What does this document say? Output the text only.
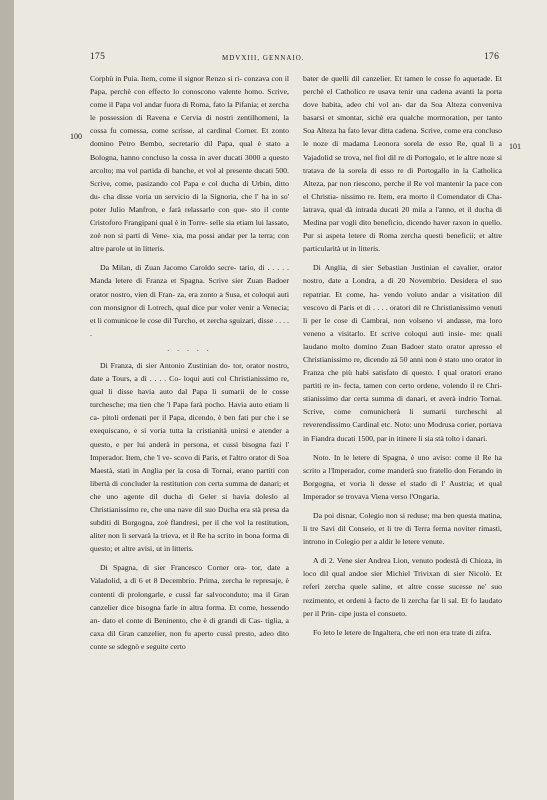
175	MDVXIII, GENNAIO.	176
100
101

Corphù in Puia. Item, come il signor Renzo si ri- conzava con il Papa, perchè con effecto lo conoscono valente homo. Scrive, come il Papa vol andar fuora di Roma, fato la Pifania; et zercha le possession di Ravena e Cervia di nostri zentilhomeni, la cossa fu comessa, come scrisse, al cardinal Corner. Et zonto domino Petro Bembo, secretario dil Papa, qual è stato a Bologna, hanno concluso la cossa in aver ducati 3000 a questo arcolto; ma vol partida di banche, et vol al presente ducati 500. Scrive, come, pasizando col Papa e col ducha di Urbin, ditto du- cha disse voria un servicio di la Signoria, che l' ha in so' poter Julio Manfron, e farà relassarlo con que- sto il conte Cristoforo Frangipani qual è in Torre- selle sia etiam lui lassato, zoè non si parti di Vene- xia, ma possi andar per la terra; con altre parole ut in litteris.

Da Milan, di Zuan Jacomo Caroldo secre- tario, di . . . . . Manda letere di Franza et Spagna. Scrive sier Zuan Badoer orator nostro, vien di Fran- za, era zonto a Susa, et coloqui auti con monsignor di Lotrech, qual dice pur voler venir a Venecia; et li comunicoe le cose dil Turcho, et zercha sguizari, disse . . . . .

. . . . .

Di Franza, di sier Antonio Zustinian do- tor, orator nostro, date a Tours, a dì . . . . Co- loqui auti col Christianissimo re, qual li disse havia auto dal Papa li sumarii de le cosse turchesche; ma tien che 'l Papa farà pocho. Havia auto etiam li ca- pitoli ordenati per il Papa, dicendo, è ben fati pur che i se exequiscano, e si voria tutta la cristianità unirsi e atender a questo, e per lui anderà in persona, et cussì bisogna fazi l' Imperador. Item, che 'l ve- scovo di Paris, et l'altro orator di Soa Maestà, stati in Anglia per la cosa di Tornai, erano partiti con libertà di concluder la restitution con certa summa de danari; et che uno agente dil ducha di Geler si havia doleslo al Christianissimo re, che una nave dil suo Ducha era stà presa da subditi di Borgogna, zoè flandresi, per il che vol la restitution, aliter non li servarà la trieva, et il Re ha scrito in bona forma di questo; et altre avisi, ut in litteris.

Di Spagna, di sier Francesco Corner ora- tor, date a Valadolid, a dì 6 et 8 Decembrio. Prima, zercha le represaje, è contenti di prolongarle, e cussì far salvoconduto; ma il Gran canzelier dice bisogna farle in altra forma. Et come, hessendo an- dato el conte di Beninento, che è di grandi di Cas- tiglia, a caxa dil Gran canzelier, non fu aperto cussì presto, adeo dito conte se sdegnò e seguite certo

bater de quelli dil canzelier. Et tamen le cosse fo aquetade. Et perchè el Catholico re usava tenir una cadena avanti la porta dove habita, adeo chi vol an- dar da Soa Alteza conveniva basarsi et smontar, sichè era qualche mormoration, per tanto Soa Alteza ha fato levar ditta cadena. Scrive, come era concluso le noze di madama Leonora sorela de esso Re, qual li a Vajadolid se trova, nel fiol dil re di Portogalo, et le altre noze si tratava de la sorela di esso re di Portogallo in la Catholica Alteza, par non riescono, perche il Re vol mantenir la pace con el Christia- nissimo re. Item, era morto il Comendator di Cha- latrava, qual dà intrada ducati 20 mila a l'anno, et il ducha di Medina par vogli dito beneficio, dicendo haver raxon in quello. Pur si aspeta letere di Roma zercha questi beneficii; et altre particularità ut in litteris.

Di Anglia, di sier Sebastian Justinian el cavalier, orator nostro, date a Londra, a dì 20 Novembrio. Desidera el suo repatriar. Et come, ha- vendo voluto andar a visitation dil vescovo di Paris et di . . . . oratori dil re Christianissimo venuti li per le cose di Cambrai, non volseno vi andasse, ma loro veneno a visitarlo. Et scrive coloqui auti insie- me: quali laudano molto domino Zuan Badoer stato orator apresso el Christianissimo re, dicendo zà 50 anni non è stato uno orator in Franza che più habi satisfato di questo. I qual oratori erano partiti re in- fecta, tamen con certo ordene, volendo il re Chri- stianissimo dar certa summa di danari, et averà indrio Tornai. Scrive, come comunicherà li sumarii turcheschi al reverendissimo Cardinal etc. Noto: uno Modrusa corier, portava in Fiandra ducati 1500, par in itinere li sia stà tolto i danari.

Noto. In le letere di Spagna, è uno aviso: come il Re ha scrito a l'Imperador, come manderà suo fratello don Ferando in Borgogna, et voria li desse el stado di l' Austria; et qual Imperador se trovava Viena verso l'Ongaria.

Da poi disnar, Colegio non si reduse; ma ben questa matina, li tre Savi dil Conseio, et li tre di Terra ferma noviter rimasti, introno in Colegio per a aldir le letere venute.

A dì 2. Vene sier Andrea Lion, venuto podestà di Chioza, in loco dil qual andoe sier Michiel Trivixan di sier Nicolò. Et referì zercha quele saline, et altre cosse sucesse ne' suo rezimento, et ordeni à facto de li zercha far li sal. Et fo laudato per il Prin- cipe justa el consueto.

Fo leto le letere de Ingaltera, che eri non era trate di zifra.
